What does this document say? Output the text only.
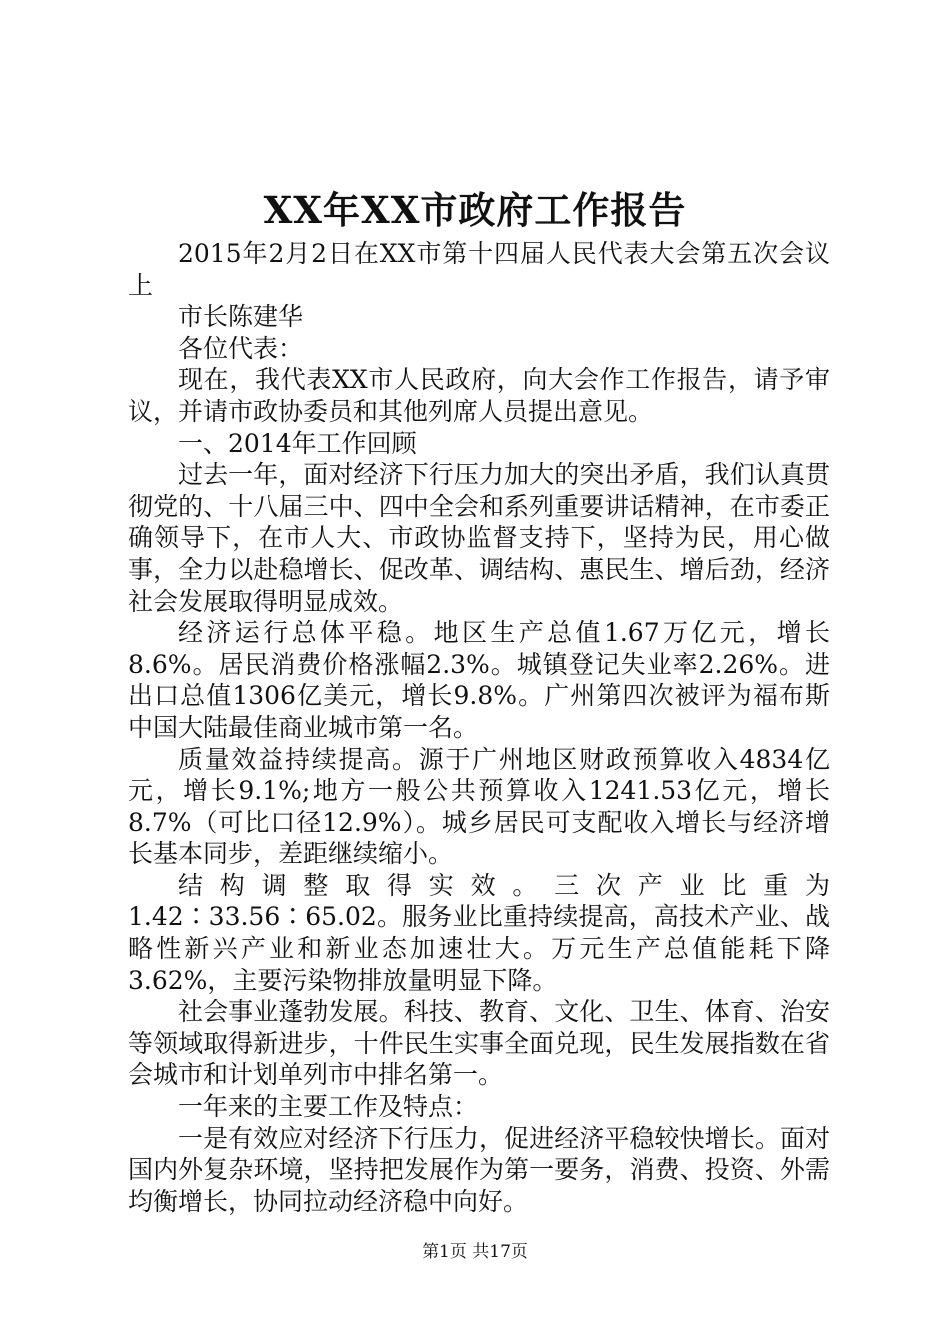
XX年XX市政府工作报告

2015年2月2日在XX市第十四届人民代表大会第五次会议上

市长陈建华

各位代表：

现在，我代表XX市人民政府，向大会作工作报告，请予审议，并请市政协委员和其他列席人员提出意见。

一、2014年工作回顾

过去一年，面对经济下行压力加大的突出矛盾，我们认真贯彻党的、十八届三中、四中全会和系列重要讲话精神，在市委正确领导下，在市人大、市政协监督支持下，坚持为民，用心做事，全力以赴稳增长、促改革、调结构、惠民生、增后劲，经济社会发展取得明显成效。

经济运行总体平稳。地区生产总值1.67万亿元，增长8.6%。居民消费价格涨幅2.3%。城镇登记失业率2.26%。进出口总值1306亿美元，增长9.8%。广州第四次被评为福布斯中国大陆最佳商业城市第一名。

质量效益持续提高。源于广州地区财政预算收入4834亿元，增长9.1%;地方一般公共预算收入1241.53亿元，增长8.7%（可比口径12.9%）。城乡居民可支配收入增长与经济增长基本同步，差距继续缩小。

结构调整取得实效。三次产业比重为1.42∶33.56∶65.02。服务业比重持续提高，高技术产业、战略性新兴产业和新业态加速壮大。万元生产总值能耗下降3.62%，主要污染物排放量明显下降。

社会事业蓬勃发展。科技、教育、文化、卫生、体育、治安等领域取得新进步，十件民生实事全面兑现，民生发展指数在省会城市和计划单列市中排名第一。

一年来的主要工作及特点：

一是有效应对经济下行压力，促进经济平稳较快增长。面对国内外复杂环境，坚持把发展作为第一要务，消费、投资、外需均衡增长，协同拉动经济稳中向好。

第1页 共17页
